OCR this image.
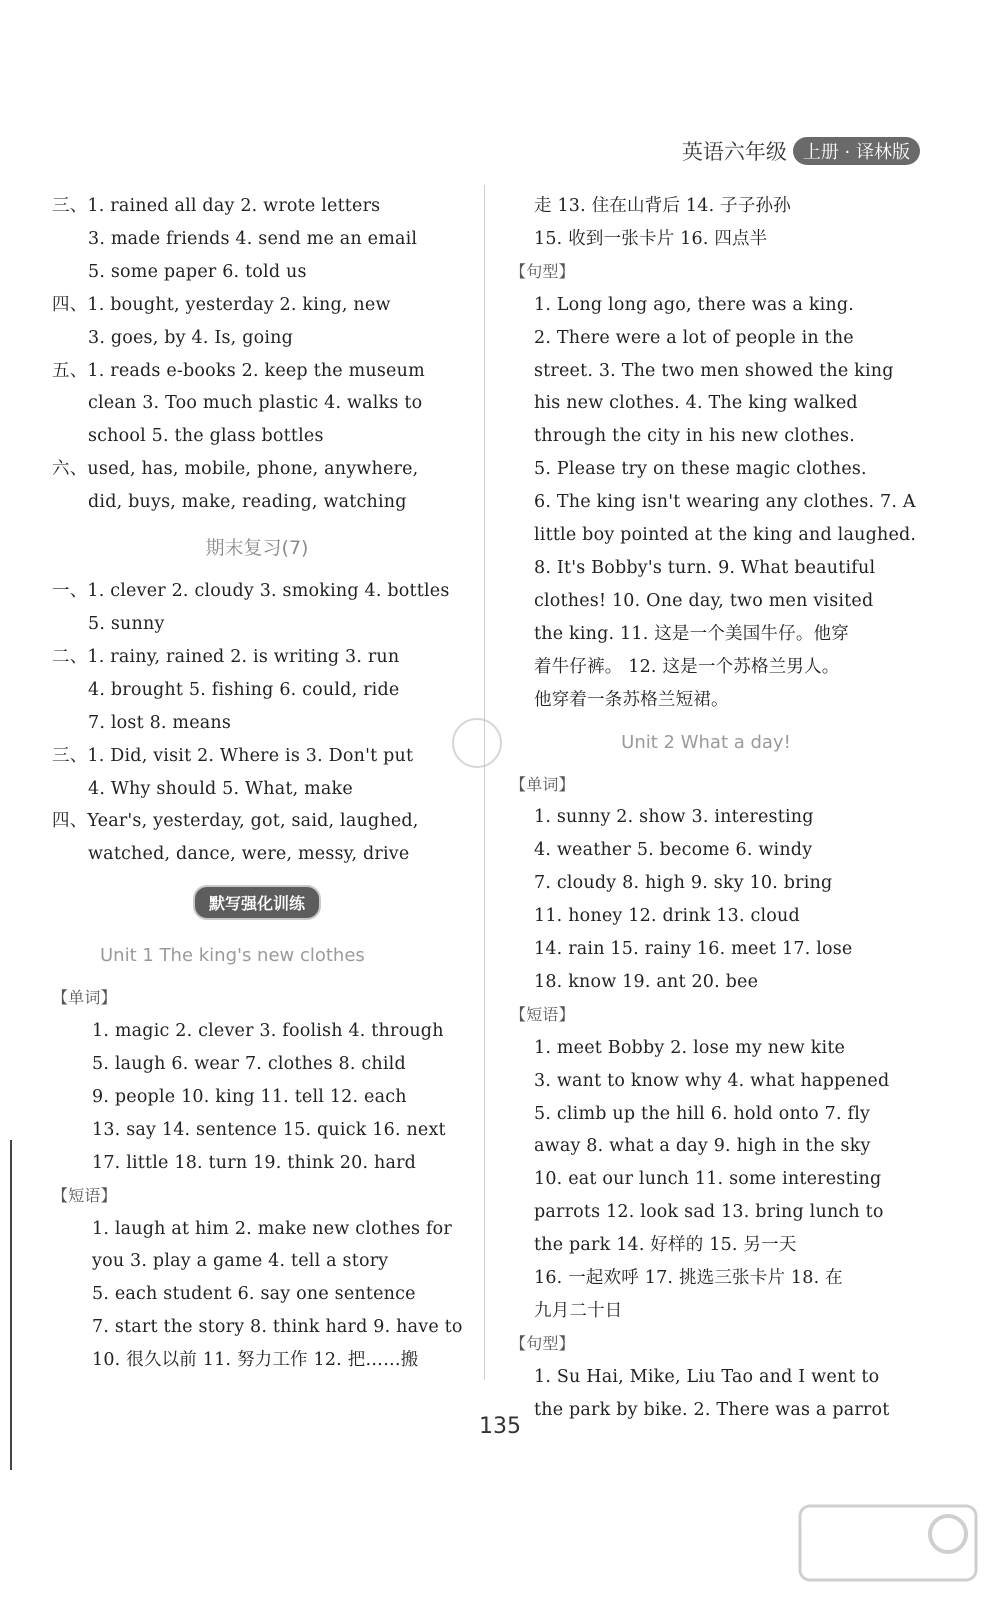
英语六年级 上册 · 译林版
三、1. rained all day 2. wrote letters
3. made friends 4. send me an email
5. some paper 6. told us
四、1. bought, yesterday 2. king, new
3. goes, by 4. Is, going
五、1. reads e-books 2. keep the museum
clean 3. Too much plastic 4. walks to
school 5. the glass bottles
六、used, has, mobile, phone, anywhere,
did, buys, make, reading, watching
期末复习(7)
一、1. clever 2. cloudy 3. smoking 4. bottles
5. sunny
二、1. rainy, rained 2. is writing 3. run
4. brought 5. fishing 6. could, ride
7. lost 8. means
三、1. Did, visit 2. Where is 3. Don't put
4. Why should 5. What, make
四、Year's, yesterday, got, said, laughed,
watched, dance, were, messy, drive
默写强化训练
Unit 1 The king's new clothes
【单词】
1. magic 2. clever 3. foolish 4. through
5. laugh 6. wear 7. clothes 8. child
9. people 10. king 11. tell 12. each
13. say 14. sentence 15. quick 16. next
17. little 18. turn 19. think 20. hard
【短语】
1. laugh at him 2. make new clothes for
you 3. play a game 4. tell a story
5. each student 6. say one sentence
7. start the story 8. think hard 9. have to
10. 很久以前 11. 努力工作 12. 把……搬
走 13. 住在山背后 14. 子子孙孙
15. 收到一张卡片 16. 四点半
【句型】
1. Long long ago, there was a king.
2. There were a lot of people in the
street. 3. The two men showed the king
his new clothes. 4. The king walked
through the city in his new clothes.
5. Please try on these magic clothes.
6. The king isn't wearing any clothes. 7. A
little boy pointed at the king and laughed.
8. It's Bobby's turn. 9. What beautiful
clothes! 10. One day, two men visited
the king. 11. 这是一个美国牛仔。他穿
着牛仔裤。 12. 这是一个苏格兰男人。
他穿着一条苏格兰短裙。
Unit 2 What a day!
【单词】
1. sunny 2. show 3. interesting
4. weather 5. become 6. windy
7. cloudy 8. high 9. sky 10. bring
11. honey 12. drink 13. cloud
14. rain 15. rainy 16. meet 17. lose
18. know 19. ant 20. bee
【短语】
1. meet Bobby 2. lose my new kite
3. want to know why 4. what happened
5. climb up the hill 6. hold onto 7. fly
away 8. what a day 9. high in the sky
10. eat our lunch 11. some interesting
parrots 12. look sad 13. bring lunch to
the park 14. 好样的 15. 另一天
16. 一起欢呼 17. 挑选三张卡片 18. 在
九月二十日
【句型】
1. Su Hai, Mike, Liu Tao and I went to
the park by bike. 2. There was a parrot
135
